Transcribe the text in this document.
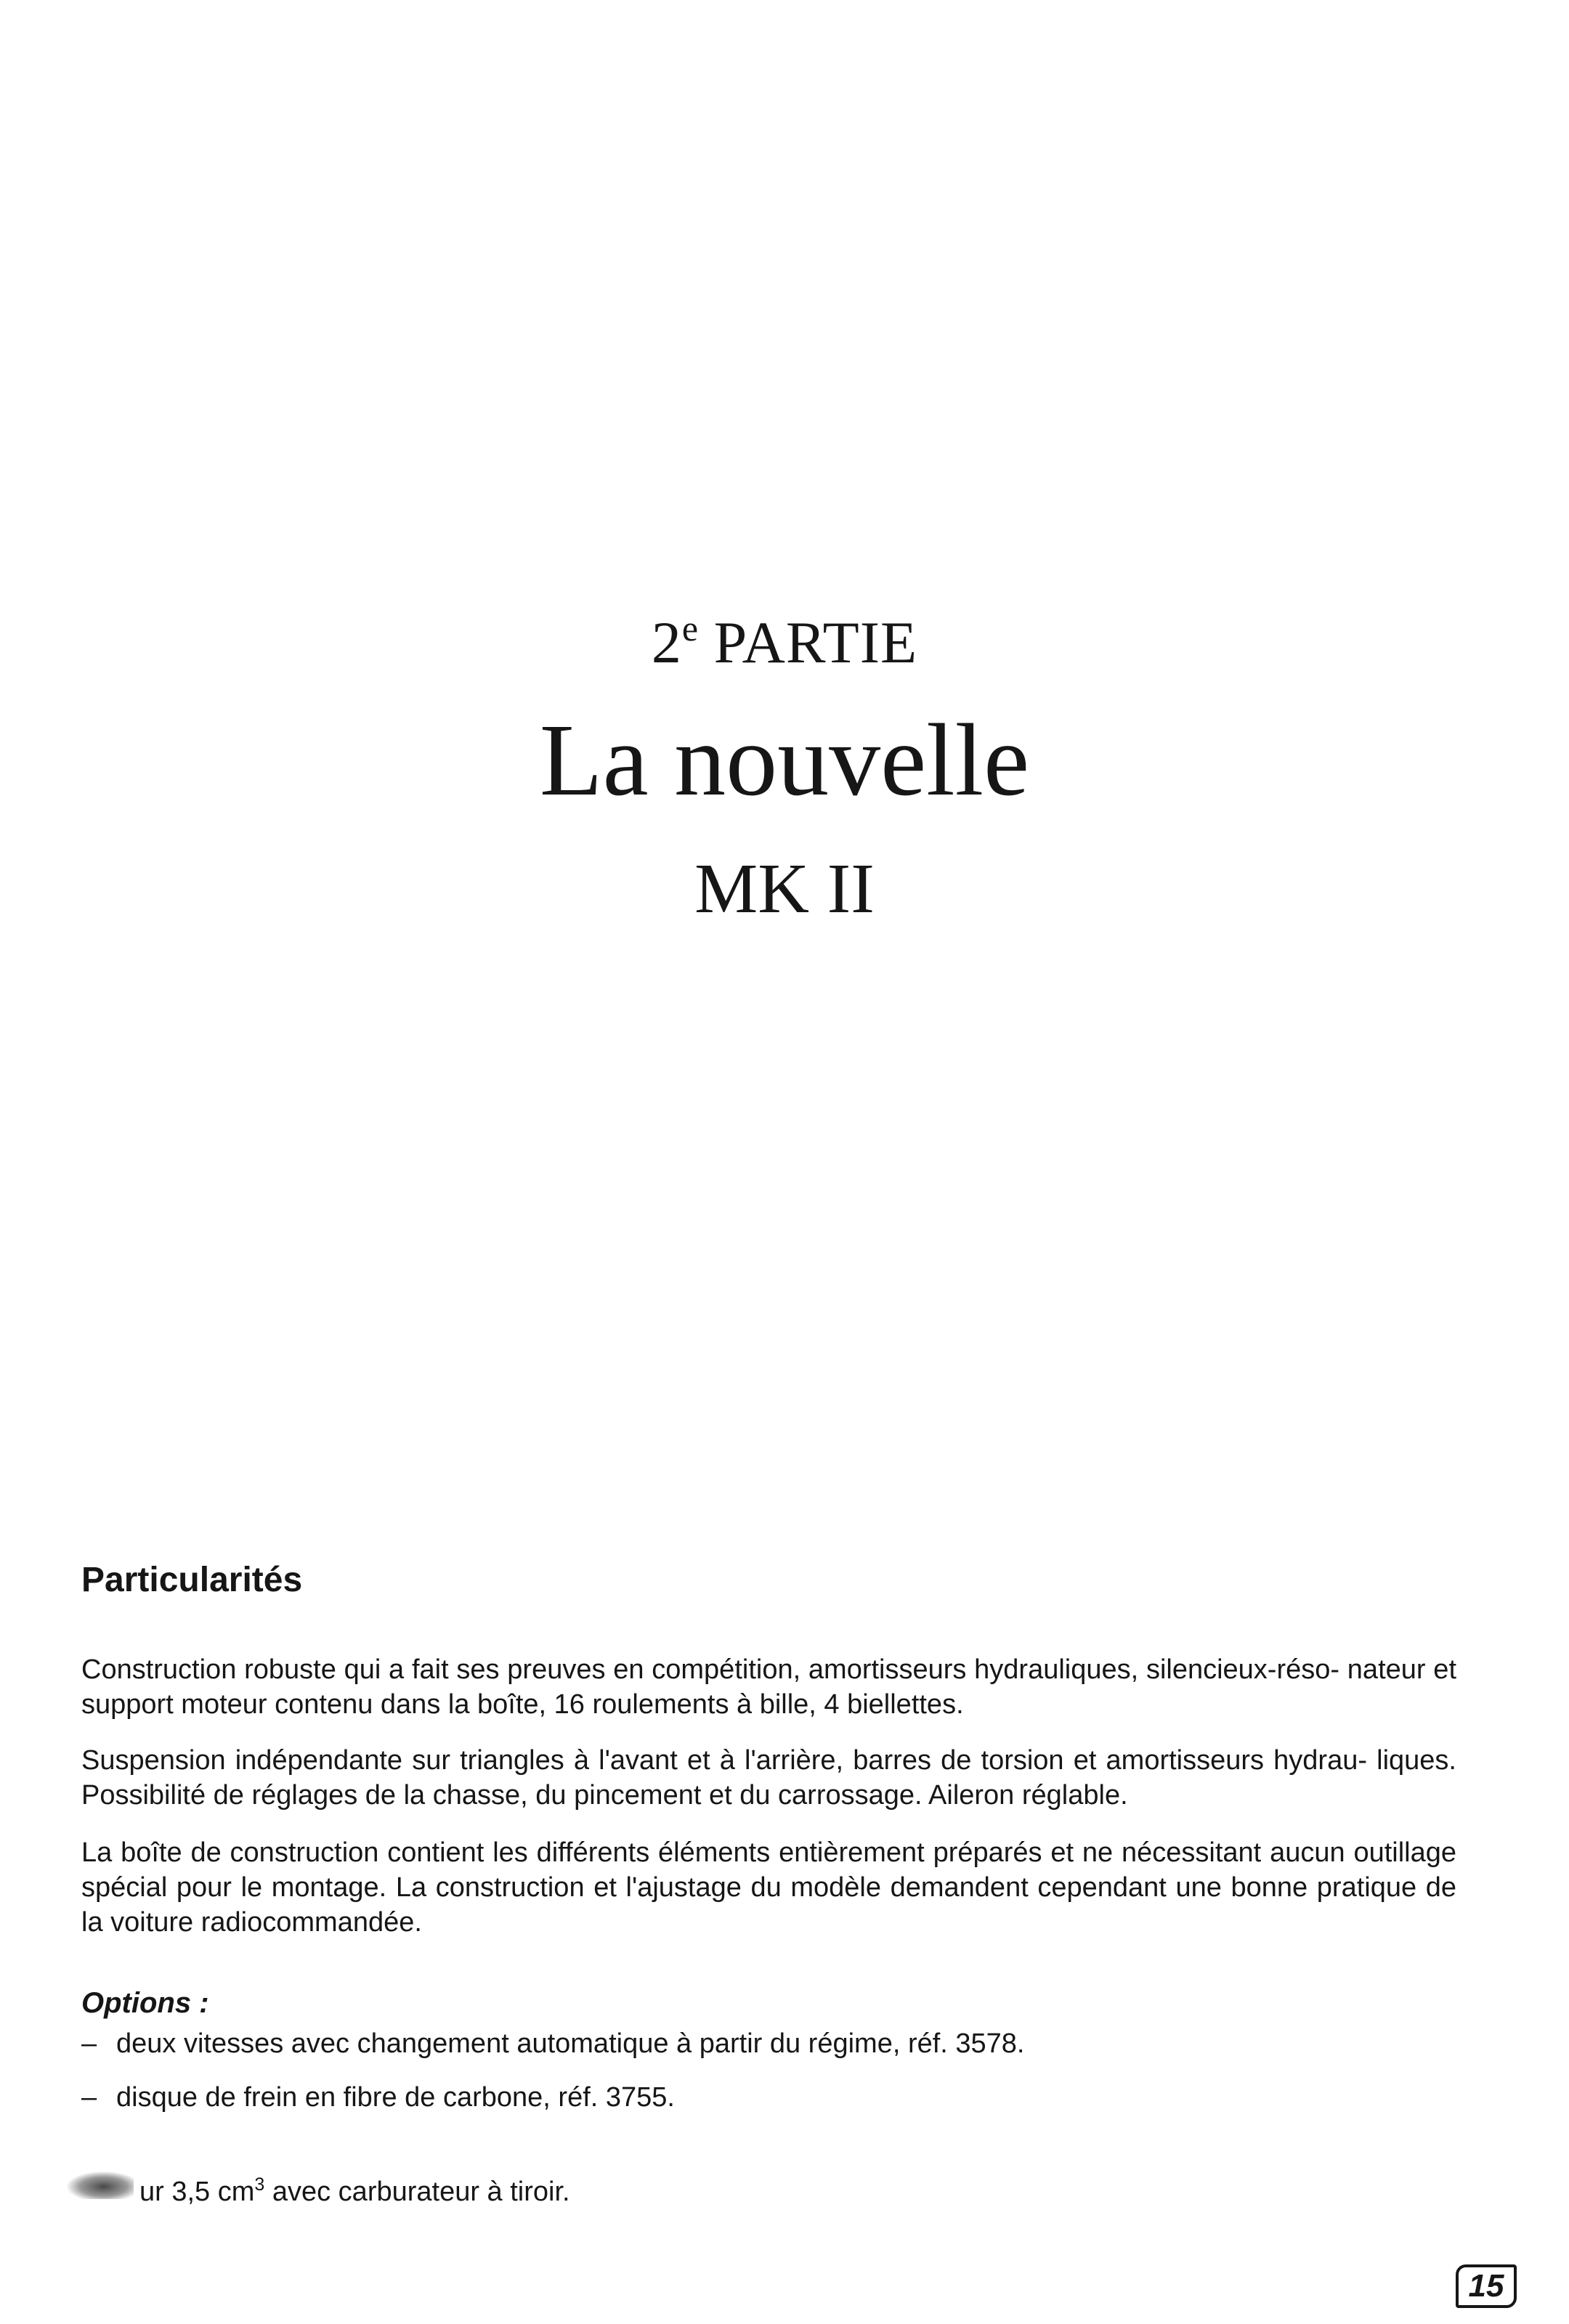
2e PARTIE
La nouvelle
MK II
Particularités

Construction robuste qui a fait ses preuves en compétition, amortisseurs hydrauliques, silencieux-réso- nateur et support moteur contenu dans la boîte, 16 roulements à bille, 4 biellettes.

Suspension indépendante sur triangles à l'avant et à l'arrière, barres de torsion et amortisseurs hydrau- liques. Possibilité de réglages de la chasse, du pincement et du carrossage. Aileron réglable.

La boîte de construction contient les différents éléments entièrement préparés et ne nécessitant aucun outillage spécial pour le montage. La construction et l'ajustage du modèle demandent cependant une bonne pratique de la voiture radiocommandée.

Options :

– deux vitesses avec changement automatique à partir du régime, réf. 3578.

– disque de frein en fibre de carbone, réf. 3755.

ur 3,5 $cm^3$ avec carburateur à tiroir.

15
